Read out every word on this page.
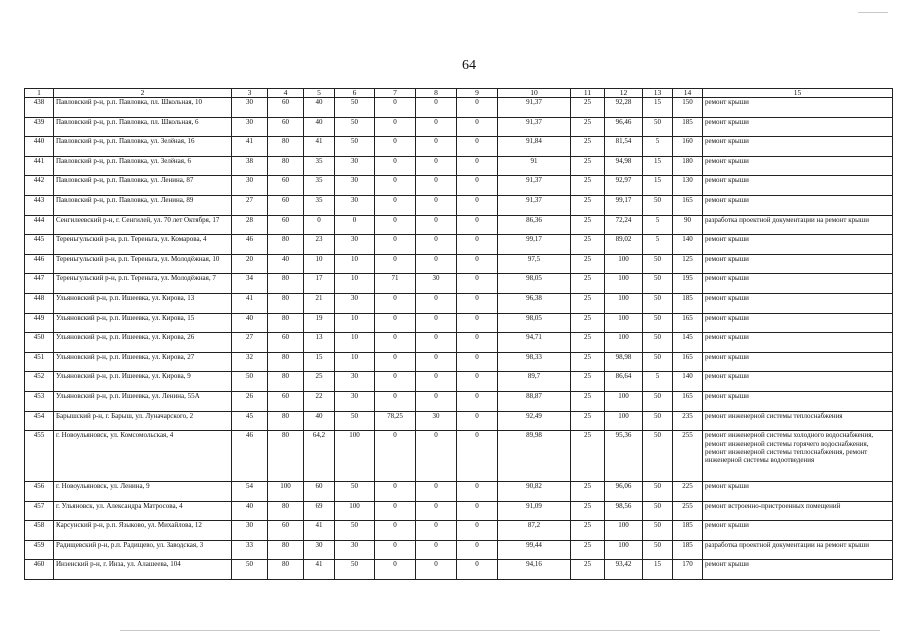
64
1	2	3	4	5	6	7	8	9	10	11	12	13	14	15
438	Павловский р-н, р.п. Павловка, пл. Школьная, 10	30	60	40	50	0	0	0	91,37	25	92,28	15	150	ремонт крыши
439	Павловский р-н, р.п. Павловка, пл. Школьная, 6	30	60	40	50	0	0	0	91,37	25	96,46	50	185	ремонт крыши
440	Павловский р-н, р.п. Павловка, ул. Зелёная, 16	41	80	41	50	0	0	0	91,84	25	81,54	5	160	ремонт крыши
441	Павловский р-н, р.п. Павловка, ул. Зелёная, 6	38	80	35	30	0	0	0	91	25	94,98	15	180	ремонт крыши
442	Павловский р-н, р.п. Павловка, ул. Ленина, 87	30	60	35	30	0	0	0	91,37	25	92,97	15	130	ремонт крыши
443	Павловский р-н, р.п. Павловка, ул. Ленина, 89	27	60	35	30	0	0	0	91,37	25	99,17	50	165	ремонт крыши
444	Сенгилеевский р-н, г. Сенгилей, ул. 70 лет Октября, 17	28	60	0	0	0	0	0	86,36	25	72,24	5	90	разработка проектной документации на ремонт крыши
445	Тереньгульский р-н, р.п. Тереньга, ул. Комарова, 4	46	80	23	30	0	0	0	99,17	25	89,02	5	140	ремонт крыши
446	Тереньгульский р-н, р.п. Тереньга, ул. Молодёжная, 10	20	40	10	10	0	0	0	97,5	25	100	50	125	ремонт крыши
447	Тереньгульский р-н, р.п. Тереньга, ул. Молодёжная, 7	34	80	17	10	71	30	0	98,05	25	100	50	195	ремонт крыши
448	Ульяновский р-н, р.п. Ишеевка, ул. Кирова, 13	41	80	21	30	0	0	0	96,38	25	100	50	185	ремонт крыши
449	Ульяновский р-н, р.п. Ишеевка, ул. Кирова, 15	40	80	19	10	0	0	0	98,05	25	100	50	165	ремонт крыши
450	Ульяновский р-н, р.п. Ишеевка, ул. Кирова, 26	27	60	13	10	0	0	0	94,71	25	100	50	145	ремонт крыши
451	Ульяновский р-н, р.п. Ишеевка, ул. Кирова, 27	32	80	15	10	0	0	0	98,33	25	98,98	50	165	ремонт крыши
452	Ульяновский р-н, р.п. Ишеевка, ул. Кирова, 9	50	80	25	30	0	0	0	89,7	25	86,64	5	140	ремонт крыши
453	Ульяновский р-н, р.п. Ишеевка, ул. Ленина, 55А	26	60	22	30	0	0	0	88,87	25	100	50	165	ремонт крыши
454	Барышский р-н, г. Барыш, ул. Луначарского, 2	45	80	40	50	78,25	30	0	92,49	25	100	50	235	ремонт инженерной системы теплоснабжения
455	г. Новоульяновск, ул. Комсомольская, 4	46	80	64,2	100	0	0	0	89,98	25	95,36	50	255	ремонт инженерной системы холодного водоснабжения, ремонт инженерной системы горячего водоснабжения, ремонт инженерной системы теплоснабжения, ремонт инженерной системы водоотведения
456	г. Новоульяновск, ул. Ленина, 9	54	100	60	50	0	0	0	90,82	25	96,06	50	225	ремонт крыши
457	г. Ульяновск, ул. Александра Матросова, 4	40	80	69	100	0	0	0	91,09	25	98,56	50	255	ремонт встроенно-пристроенных помещений
458	Карсунский р-н, р.п. Языково, ул. Михайлова, 12	30	60	41	50	0	0	0	87,2	25	100	50	185	ремонт крыши
459	Радищевский р-н, р.п. Радищево, ул. Заводская, 3	33	80	30	30	0	0	0	99,44	25	100	50	185	разработка проектной документации на ремонт крыши
460	Инзенский р-н, г. Инза, ул. Алашеева, 104	50	80	41	50	0	0	0	94,16	25	93,42	15	170	ремонт крыши
